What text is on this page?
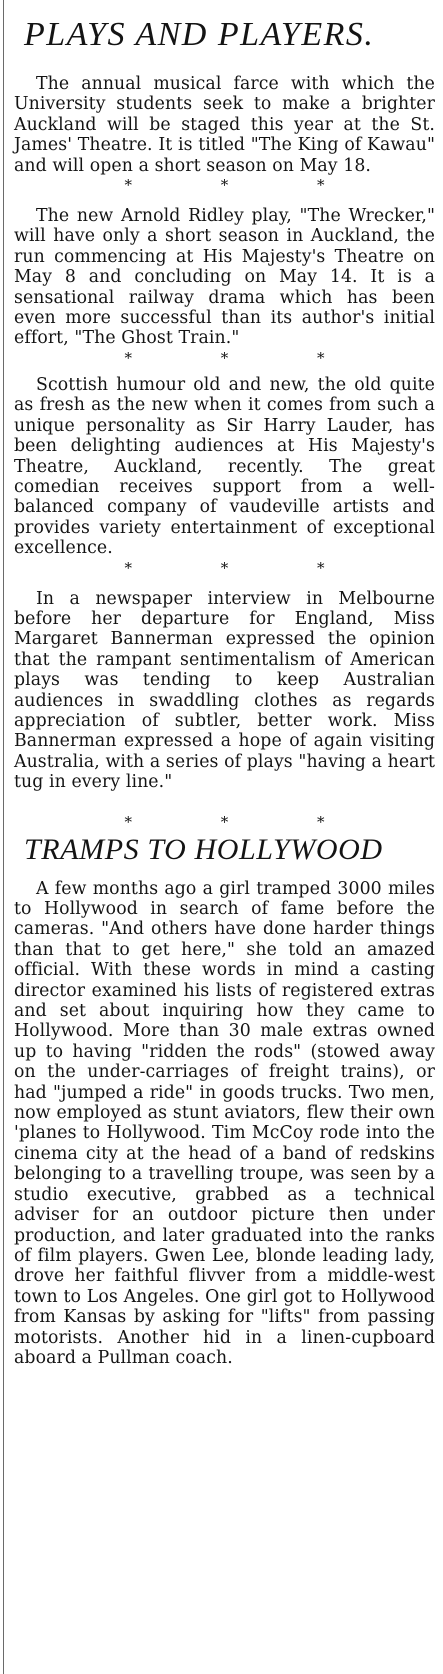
PLAYS AND PLAYERS.

The annual musical farce with which the University students seek to make a brighter Auckland will be staged this year at the St. James' Theatre. It is titled "The King of Kawau" and will open a short season on May 18.

*	*	*

The new Arnold Ridley play, "The Wrecker," will have only a short season in Auckland, the run commencing at His Majesty's Theatre on May 8 and concluding on May 14. It is a sensational railway drama which has been even more successful than its author's initial effort, "The Ghost Train."

*	*	*

Scottish humour old and new, the old quite as fresh as the new when it comes from such a unique personality as Sir Harry Lauder, has been delighting audiences at His Majesty's Theatre, Auckland, recently. The great comedian receives support from a well-balanced company of vaudeville artists and provides variety entertainment of exceptional excellence.

*	*	*

In a newspaper interview in Melbourne before her departure for England, Miss Margaret Bannerman expressed the opinion that the rampant sentimentalism of American plays was tending to keep Australian audiences in swaddling clothes as regards appreciation of subtler, better work. Miss Bannerman expressed a hope of again visiting Australia, with a series of plays "having a heart tug in every line."

*	*	*
TRAMPS TO HOLLYWOOD

A few months ago a girl tramped 3000 miles to Hollywood in search of fame before the cameras. "And others have done harder things than that to get here," she told an amazed official. With these words in mind a casting director examined his lists of registered extras and set about inquiring how they came to Hollywood. More than 30 male extras owned up to having "ridden the rods" (stowed away on the under-carriages of freight trains), or had "jumped a ride" in goods trucks. Two men, now employed as stunt aviators, flew their own 'planes to Hollywood. Tim McCoy rode into the cinema city at the head of a band of redskins belonging to a travelling troupe, was seen by a studio executive, grabbed as a technical adviser for an outdoor picture then under production, and later graduated into the ranks of film players. Gwen Lee, blonde leading lady, drove her faithful flivver from a middle-west town to Los Angeles. One girl got to Hollywood from Kansas by asking for "lifts" from passing motorists. Another hid in a linen-cupboard aboard a Pullman coach.
